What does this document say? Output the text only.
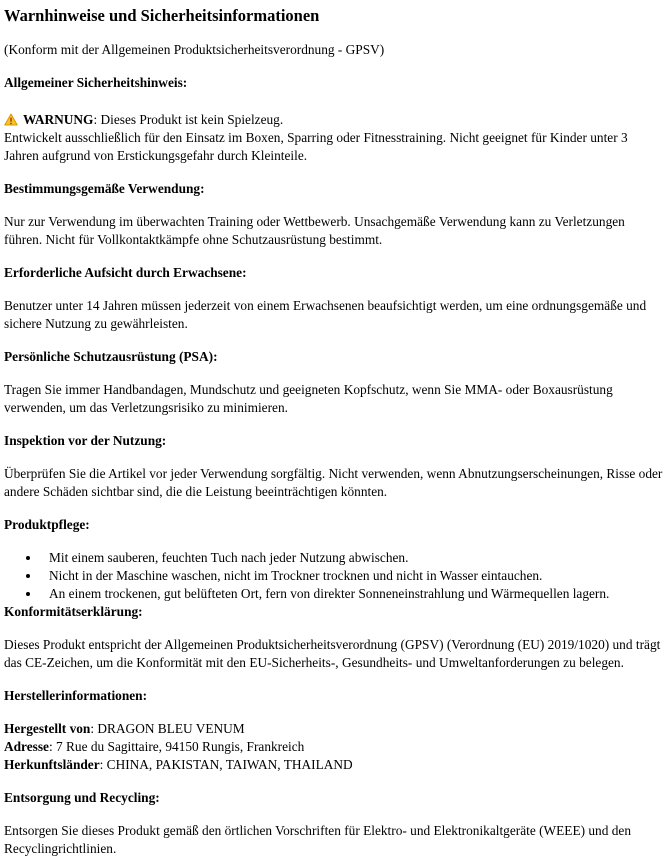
Warnhinweise und Sicherheitsinformationen

(Konform mit der Allgemeinen Produktsicherheitsverordnung - GPSV)

Allgemeiner Sicherheitshinweis:

WARNUNG: Dieses Produkt ist kein Spielzeug.
Entwickelt ausschließlich für den Einsatz im Boxen, Sparring oder Fitnesstraining. Nicht geeignet für Kinder unter 3 Jahren aufgrund von Erstickungsgefahr durch Kleinteile.

Bestimmungsgemäße Verwendung:

Nur zur Verwendung im überwachten Training oder Wettbewerb. Unsachgemäße Verwendung kann zu Verletzungen führen. Nicht für Vollkontaktkämpfe ohne Schutzausrüstung bestimmt.

Erforderliche Aufsicht durch Erwachsene:

Benutzer unter 14 Jahren müssen jederzeit von einem Erwachsenen beaufsichtigt werden, um eine ordnungsgemäße und sichere Nutzung zu gewährleisten.

Persönliche Schutzausrüstung (PSA):

Tragen Sie immer Handbandagen, Mundschutz und geeigneten Kopfschutz, wenn Sie MMA- oder Boxausrüstung verwenden, um das Verletzungsrisiko zu minimieren.

Inspektion vor der Nutzung:

Überprüfen Sie die Artikel vor jeder Verwendung sorgfältig. Nicht verwenden, wenn Abnutzungserscheinungen, Risse oder andere Schäden sichtbar sind, die die Leistung beeinträchtigen könnten.

Produktpflege:

• Mit einem sauberen, feuchten Tuch nach jeder Nutzung abwischen.
• Nicht in der Maschine waschen, nicht im Trockner trocknen und nicht in Wasser eintauchen.
• An einem trockenen, gut belüfteten Ort, fern von direkter Sonneneinstrahlung und Wärmequellen lagern.

Konformitätserklärung:

Dieses Produkt entspricht der Allgemeinen Produktsicherheitsverordnung (GPSV) (Verordnung (EU) 2019/1020) und trägt das CE-Zeichen, um die Konformität mit den EU-Sicherheits-, Gesundheits- und Umweltanforderungen zu belegen.

Herstellerinformationen:

Hergestellt von: DRAGON BLEU VENUM
Adresse: 7 Rue du Sagittaire, 94150 Rungis, Frankreich
Herkunftsländer: CHINA, PAKISTAN, TAIWAN, THAILAND

Entsorgung und Recycling:

Entsorgen Sie dieses Produkt gemäß den örtlichen Vorschriften für Elektro- und Elektronikaltgeräte (WEEE) und den Recyclingrichtlinien.
